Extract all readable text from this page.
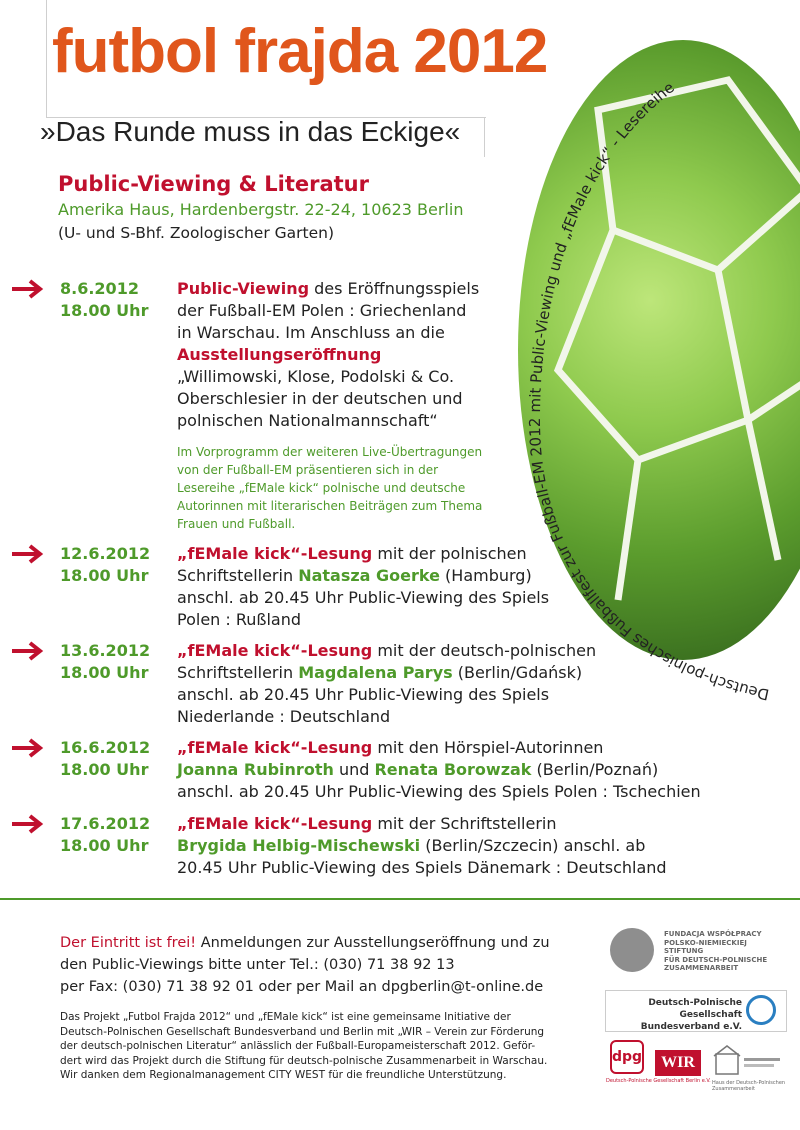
Deutsch-polnisches Fußballfest zur Fußball-EM 2012 mit Public-Viewing und „fEMale kick“ - Lesereihe
futbol frajda 2012
»Das Runde muss in das Eckige«
Public-Viewing & Literatur
Amerika Haus, Hardenbergstr. 22-24, 10623 Berlin
(U- und S-Bhf. Zoologischer Garten)
8.6.2012
18.00 Uhr
Public-Viewing des Eröffnungsspiels
der Fußball-EM Polen : Griechenland
in Warschau. Im Anschluss an die
Ausstellungseröffnung
„Willimowski, Klose, Podolski & Co.
Oberschlesier in der deutschen und
polnischen Nationalmannschaft“
Im Vorprogramm der weiteren Live-Übertragungen
von der Fußball-EM präsentieren sich in der
Lesereihe „fEMale kick“ polnische und deutsche
Autorinnen mit literarischen Beiträgen zum Thema
Frauen und Fußball.
12.6.2012
18.00 Uhr
„fEMale kick“-Lesung mit der polnischen
Schriftstellerin Natasza Goerke (Hamburg)
anschl. ab 20.45 Uhr Public-Viewing des Spiels
Polen : Rußland
13.6.2012
18.00 Uhr
„fEMale kick“-Lesung mit der deutsch-polnischen
Schriftstellerin Magdalena Parys (Berlin/Gdańsk)
anschl. ab 20.45 Uhr Public-Viewing des Spiels
Niederlande : Deutschland
16.6.2012
18.00 Uhr
„fEMale kick“-Lesung mit den Hörspiel-Autorinnen
Joanna Rubinroth und Renata Borowzak (Berlin/Poznań)
anschl. ab 20.45 Uhr Public-Viewing des Spiels Polen : Tschechien
17.6.2012
18.00 Uhr
„fEMale kick“-Lesung mit der Schriftstellerin
Brygida Helbig-Mischewski (Berlin/Szczecin) anschl. ab
20.45 Uhr Public-Viewing des Spiels Dänemark : Deutschland
Der Eintritt ist frei! Anmeldungen zur Ausstellungseröffnung und zu
den Public-Viewings bitte unter Tel.: (030) 71 38 92 13
per Fax: (030) 71 38 92 01 oder per Mail an dpgberlin@t-online.de
Das Projekt „Futbol Frajda 2012“ und „fEMale kick“ ist eine gemeinsame Initiative der
Deutsch-Polnischen Gesellschaft Bundesverband und Berlin mit „WIR – Verein zur Förderung
der deutsch-polnischen Literatur“ anlässlich der Fußball-Europameisterschaft 2012. Geför-
dert wird das Projekt durch die Stiftung für deutsch-polnische Zusammenarbeit in Warschau.
Wir danken dem Regionalmanagement CITY WEST für die freundliche Unterstützung.
FUNDACJA WSPÓŁPRACY
POLSKO-NIEMIECKIEJ
STIFTUNG
FÜR DEUTSCH-POLNISCHE
ZUSAMMENARBEIT
Deutsch-Polnische Gesellschaft
Bundesverband e.V.
dpg
Deutsch-Polnische Gesellschaft Berlin e.V.
WIR
Haus der Deutsch-Polnischen Zusammenarbeit
